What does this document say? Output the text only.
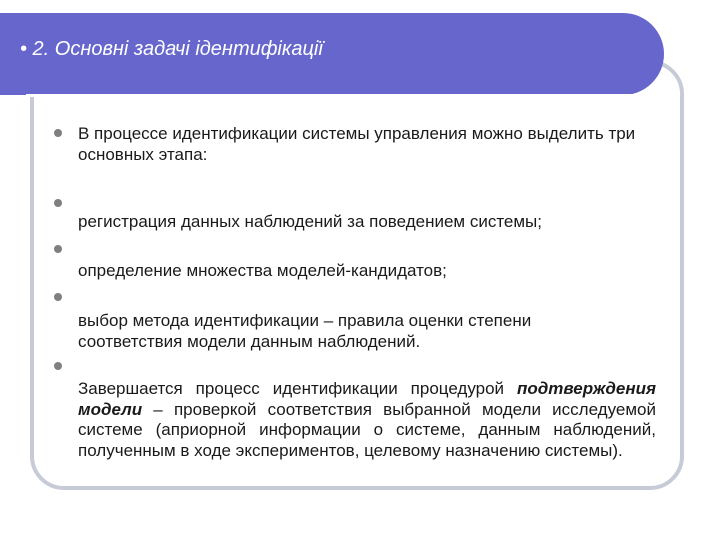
• 2. Основні задачі ідентифікації
В процессе идентификации системы управления можно выделить три основных этапа:
регистрация данных наблюдений за поведением системы;
определение множества моделей-кандидатов;
выбор метода идентификации – правила оценки степени соответствия модели данным наблюдений.
Завершается процесс идентификации процедурой подтверждения модели – проверкой соответствия выбранной модели исследуемой системе (априорной информации о системе, данным наблюдений, полученным в ходе экспериментов, целевому назначению системы).
